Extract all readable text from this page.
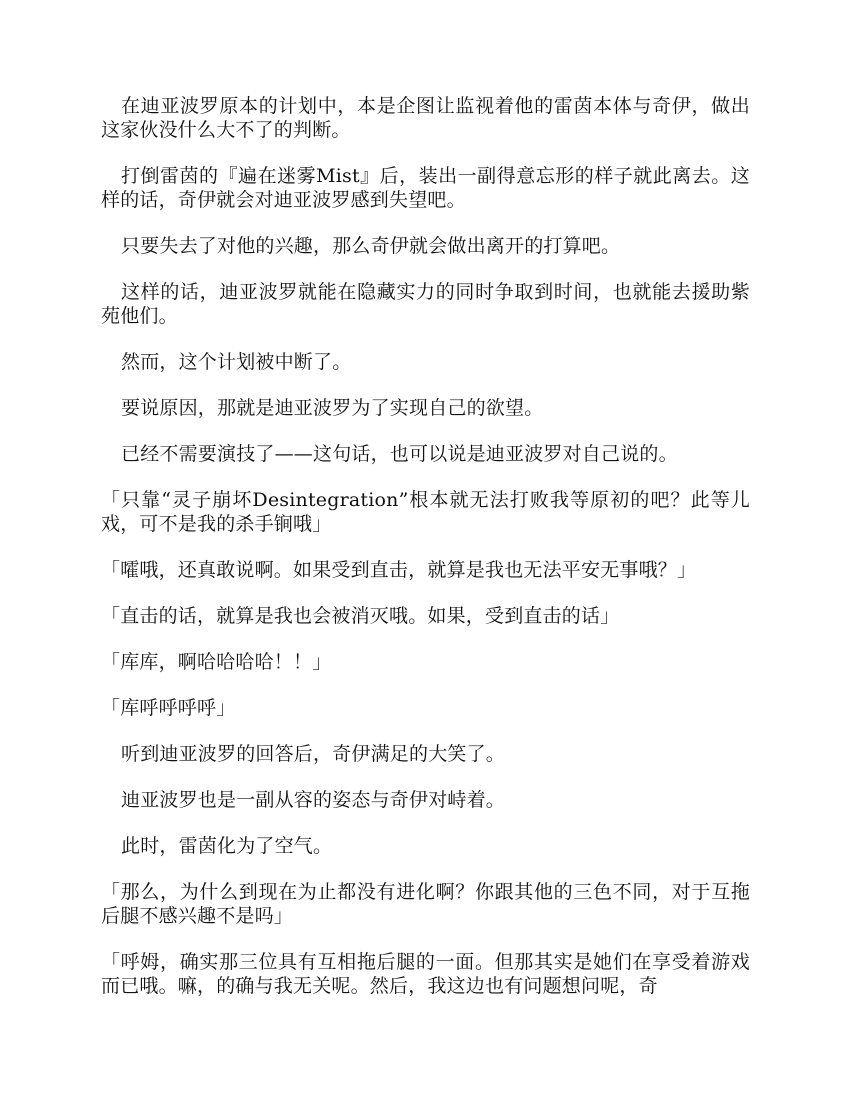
在迪亚波罗原本的计划中，本是企图让监视着他的雷茵本体与奇伊，做出这家伙没什么大不了的判断。

打倒雷茵的『遍在迷雾Mist』后，装出一副得意忘形的样子就此离去。这样的话，奇伊就会对迪亚波罗感到失望吧。

只要失去了对他的兴趣，那么奇伊就会做出离开的打算吧。

这样的话，迪亚波罗就能在隐藏实力的同时争取到时间，也就能去援助紫苑他们。

然而，这个计划被中断了。

要说原因，那就是迪亚波罗为了实现自己的欲望。

已经不需要演技了——这句话，也可以说是迪亚波罗对自己说的。

「只靠“灵子崩坏Desintegration”根本就无法打败我等原初的吧？此等儿戏，可不是我的杀手锏哦」

「嚯哦，还真敢说啊。如果受到直击，就算是我也无法平安无事哦？」

「直击的话，就算是我也会被消灭哦。如果，受到直击的话」

「库库，啊哈哈哈哈！！」

「库呼呼呼呼」

听到迪亚波罗的回答后，奇伊满足的大笑了。

迪亚波罗也是一副从容的姿态与奇伊对峙着。

此时，雷茵化为了空气。

「那么，为什么到现在为止都没有进化啊？你跟其他的三色不同，对于互拖后腿不感兴趣不是吗」

「呼姆，确实那三位具有互相拖后腿的一面。但那其实是她们在享受着游戏而已哦。嘛，的确与我无关呢。然后，我这边也有问题想问呢，奇
